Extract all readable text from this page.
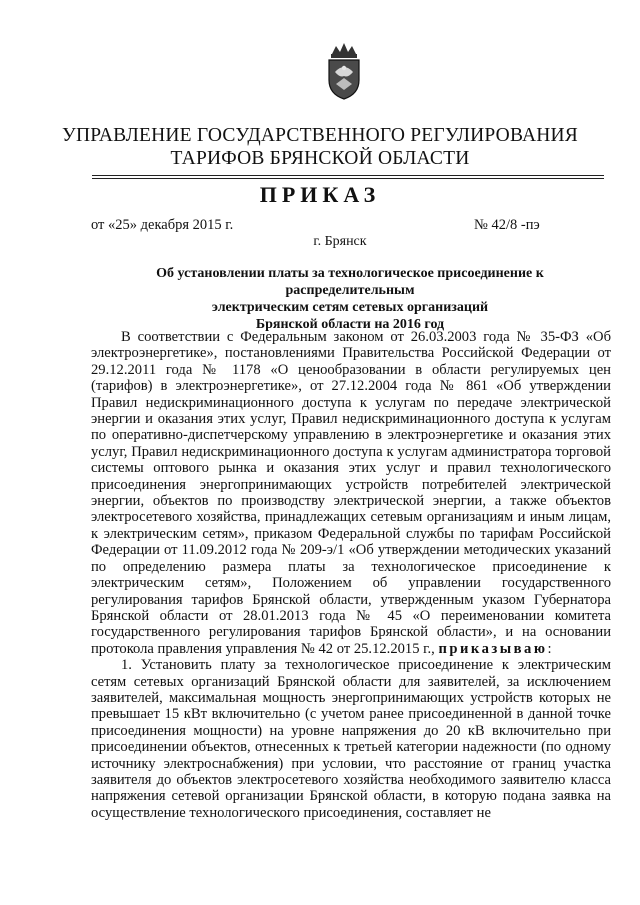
УПРАВЛЕНИЕ ГОСУДАРСТВЕННОГО РЕГУЛИРОВАНИЯ
ТАРИФОВ БРЯНСКОЙ ОБЛАСТИ
ПРИКАЗ
от «25» декабря 2015 г.	№ 42/8 -пэ
г. Брянск
Об установлении платы за технологическое присоединение к распределительным
электрическим сетям сетевых организаций
Брянской области на 2016 год

В соответствии с Федеральным законом от 26.03.2003 года № 35-ФЗ «Об электроэнергетике», постановлениями Правительства Российской Федерации от 29.12.2011 года № 1178 «О ценообразовании в области регулируемых цен (тарифов) в электроэнергетике», от 27.12.2004 года № 861 «Об утверждении Правил недискриминационного доступа к услугам по передаче электрической энергии и оказания этих услуг, Правил недискриминационного доступа к услугам по оперативно-диспетчерскому управлению в электроэнергетике и оказания этих услуг, Правил недискриминационного доступа к услугам администратора торговой системы оптового рынка и оказания этих услуг и правил технологического присоединения энергопринимающих устройств потребителей электрической энергии, объектов по производству электрической энергии, а также объектов электросетевого хозяйства, принадлежащих сетевым организациям и иным лицам, к электрическим сетям», приказом Федеральной службы по тарифам Российской Федерации от 11.09.2012 года № 209-э/1 «Об утверждении методических указаний по определению размера платы за технологическое присоединение к электрическим сетям», Положением об управлении государственного регулирования тарифов Брянской области, утвержденным указом Губернатора Брянской области от 28.01.2013 года № 45 «О переименовании комитета государственного регулирования тарифов Брянской области», и на основании протокола правления управления № 42 от 25.12.2015 г., приказываю:

1. Установить плату за технологическое присоединение к электрическим сетям сетевых организаций Брянской области для заявителей, за исключением заявителей, максимальная мощность энергопринимающих устройств которых не превышает 15 кВт включительно (с учетом ранее присоединенной в данной точке присоединения мощности) на уровне напряжения до 20 кВ включительно при присоединении объектов, отнесенных к третьей категории надежности (по одному источнику электроснабжения) при условии, что расстояние от границ участка заявителя до объектов электросетевого хозяйства необходимого заявителю класса напряжения сетевой организации Брянской области, в которую подана заявка на осуществление технологического присоединения, составляет не
